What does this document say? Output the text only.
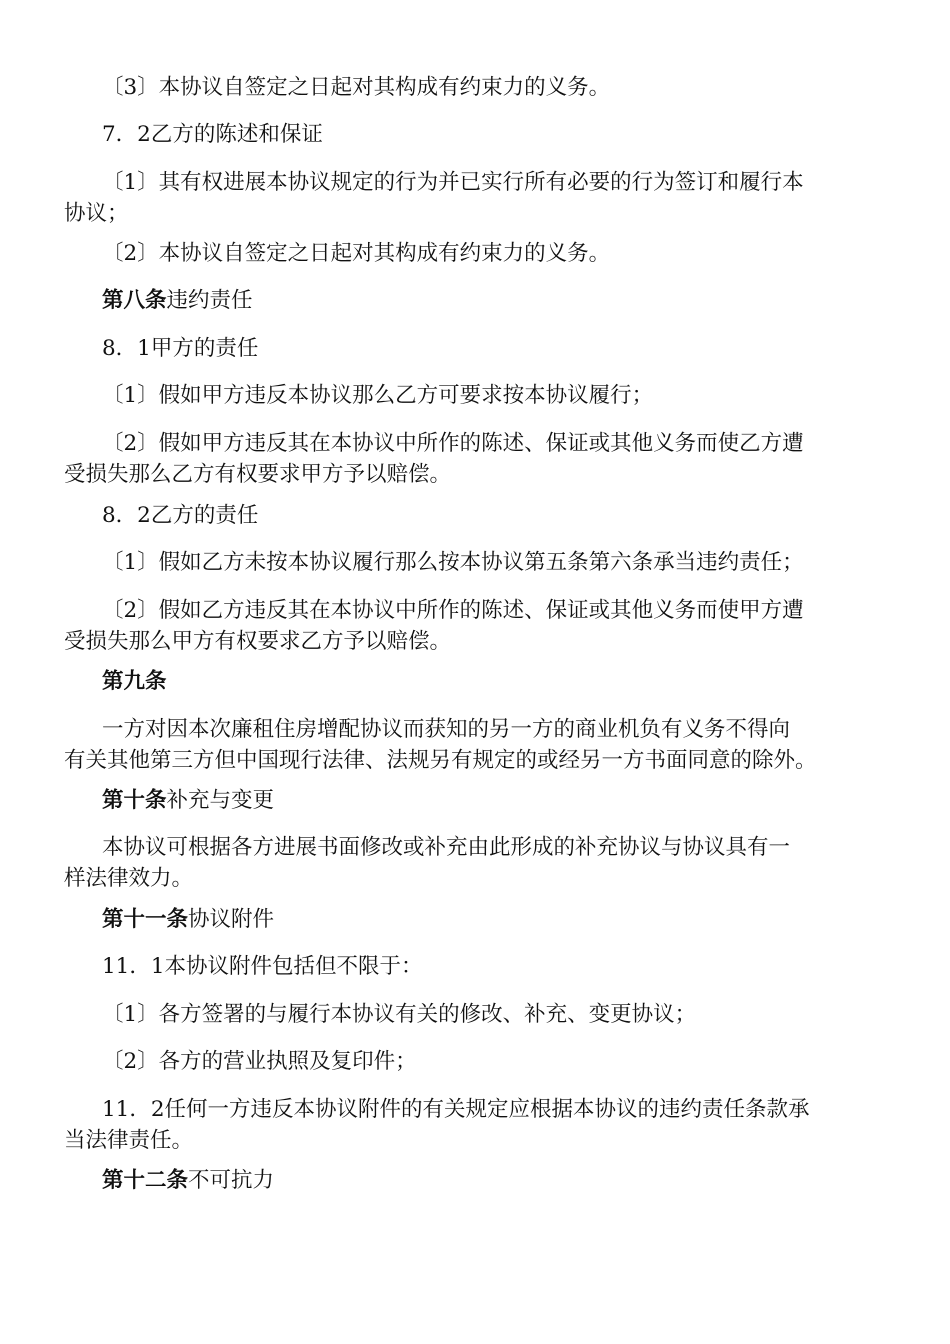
〔3〕本协议自签定之日起对其构成有约束力的义务。

7．2乙方的陈述和保证

〔1〕其有权进展本协议规定的行为并已实行所有必要的行为签订和履行本
协议；

〔2〕本协议自签定之日起对其构成有约束力的义务。

第八条违约责任

8．1甲方的责任

〔1〕假如甲方违反本协议那么乙方可要求按本协议履行；

〔2〕假如甲方违反其在本协议中所作的陈述、保证或其他义务而使乙方遭
受损失那么乙方有权要求甲方予以赔偿。

8．2乙方的责任

〔1〕假如乙方未按本协议履行那么按本协议第五条第六条承当违约责任；

〔2〕假如乙方违反其在本协议中所作的陈述、保证或其他义务而使甲方遭
受损失那么甲方有权要求乙方予以赔偿。

第九条

一方对因本次廉租住房增配协议而获知的另一方的商业机负有义务不得向
有关其他第三方但中国现行法律、法规另有规定的或经另一方书面同意的除外。

第十条补充与变更

本协议可根据各方进展书面修改或补充由此形成的补充协议与协议具有一
样法律效力。

第十一条协议附件

11．1本协议附件包括但不限于：

〔1〕各方签署的与履行本协议有关的修改、补充、变更协议；

〔2〕各方的营业执照及复印件；

11．2任何一方违反本协议附件的有关规定应根据本协议的违约责任条款承
当法律责任。

第十二条不可抗力
